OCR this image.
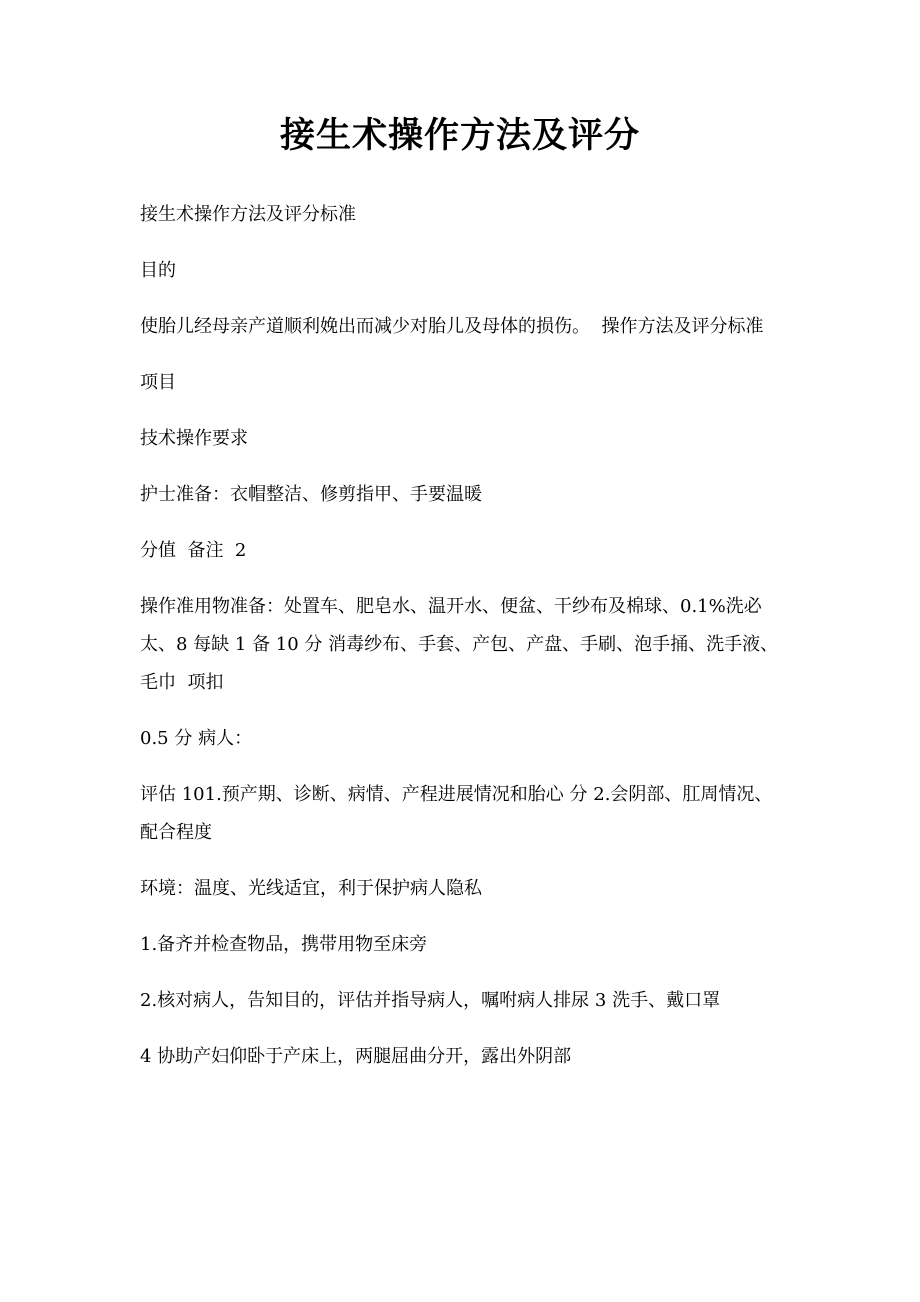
接生术操作方法及评分

接生术操作方法及评分标准

目的

使胎儿经母亲产道顺利娩出而减少对胎儿及母体的损伤。  操作方法及评分标准

项目

技术操作要求

护士准备：衣帽整洁、修剪指甲、手要温暖

分值  备注  2

操作准用物准备：处置车、肥皂水、温开水、便盆、干纱布及棉球、0.1%洗必太、8 每缺 1 备 10 分 消毒纱布、手套、产包、产盘、手刷、泡手捅、洗手液、毛巾  项扣

0.5 分 病人：

评估 101.预产期、诊断、病情、产程进展情况和胎心 分 2.会阴部、肛周情况、配合程度

环境：温度、光线适宜，利于保护病人隐私

1.备齐并检查物品，携带用物至床旁

2.核对病人，告知目的，评估并指导病人，嘱咐病人排尿 3 洗手、戴口罩

4 协助产妇仰卧于产床上，两腿屈曲分开，露出外阴部
